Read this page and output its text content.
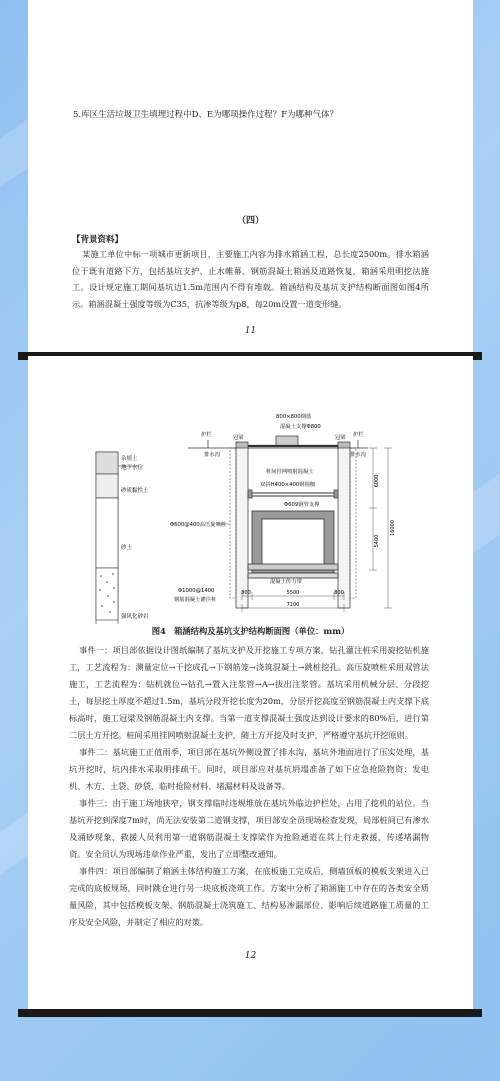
5.库区生活垃圾卫生填埋过程中D、E为哪项操作过程？F为哪种气体？
（四）
【背景资料】
某施工单位中标一项城市更新项目，主要施工内容为排水箱涵工程，总长度2500m。排水箱涵位于既有道路下方，包括基坑支护、止水帷幕、钢筋混凝土箱涵及道路恢复，箱涵采用明挖法施工。设计规定施工期间基坑边1.5m范围内不得有堆载。箱涵结构及基坑支护结构断面图如图4所示。箱涵混凝土强度等级为C35，抗渗等级为p8，每20m设置一道变形缝。
11
杂填土
地下水位
砂质黏性土
砂土
强风化砂岩
800×800钢筋
混凝土支撑Φ800
护栏	护栏
冠梁	冠梁
排水沟	排水沟
桩间挂网喷射混凝土
双拼H400×400钢围檩
Φ609钢管支撑
混凝土传力带
Φ600@400高压旋喷桩
Φ1000@1400
钢筋混凝土灌注桩
800	5500	800
7100
6000
5400
16000
图4　箱涵结构及基坑支护结构断面图（单位：mm）

事件一：项目部依据设计图纸编制了基坑支护及开挖施工专项方案，钻孔灌注桩采用旋挖钻机施工，工艺流程为：测量定位→干挖成孔→下钢筋笼→浇筑混凝土→跳桩挖孔。高压旋喷桩采用双管法施工，工艺流程为：钻机就位→钻孔→置入注浆管→A→拔出注浆管。基坑采用机械分层、分段挖土，每层挖土厚度不超过1.5m，基坑分段开挖长度为20m，分层开挖高度至钢筋混凝土内支撑下底标高时，施工冠梁及钢筋混凝土内支撑。当第一道支撑混凝土强度达到设计要求的80%后，进行第二层土方开挖。桩间采用挂网喷射混凝土支护，随土方开挖及时支护，严格遵守基坑开挖原则。

事件二：基坑施工正值雨季，项目部在基坑外侧设置了排水沟，基坑外地面进行了压实处理，基坑开挖时，坑内排水采取明排疏干。同时，项目部应对基坑坍塌准备了如下应急抢险物资：发电机、木方、土袋、砂袋、临时抢险材料、堵漏材料及设备等。

事件三：由于施工场地狭窄，钢支撑临时违规堆放在基坑外临边护栏处，占用了挖机的站位。当基坑开挖到深度7m时，尚无法安装第二道钢支撑，项目部安全员现场检查发现，局部桩间已有渗水及涌砂现象，救援人员利用第一道钢筋混凝土支撑梁作为抢险通道在其上行走救援，传递堵漏物资。安全员认为现场违章作业严重，发出了立即整改通知。

事件四：项目部编制了箱涵主体结构施工方案，在底板施工完成后，侧墙顶板的模板支架进入已完成的底板规场，同时跳仓进行另一块底板浇筑工作。方案中分析了箱涵施工中存在的各类安全质量风险，其中包括模板支架、钢筋混凝土浇筑施工、结构易渗漏部位、影响后续道路施工质量的工序及安全风险，并制定了相应的对策。

12
